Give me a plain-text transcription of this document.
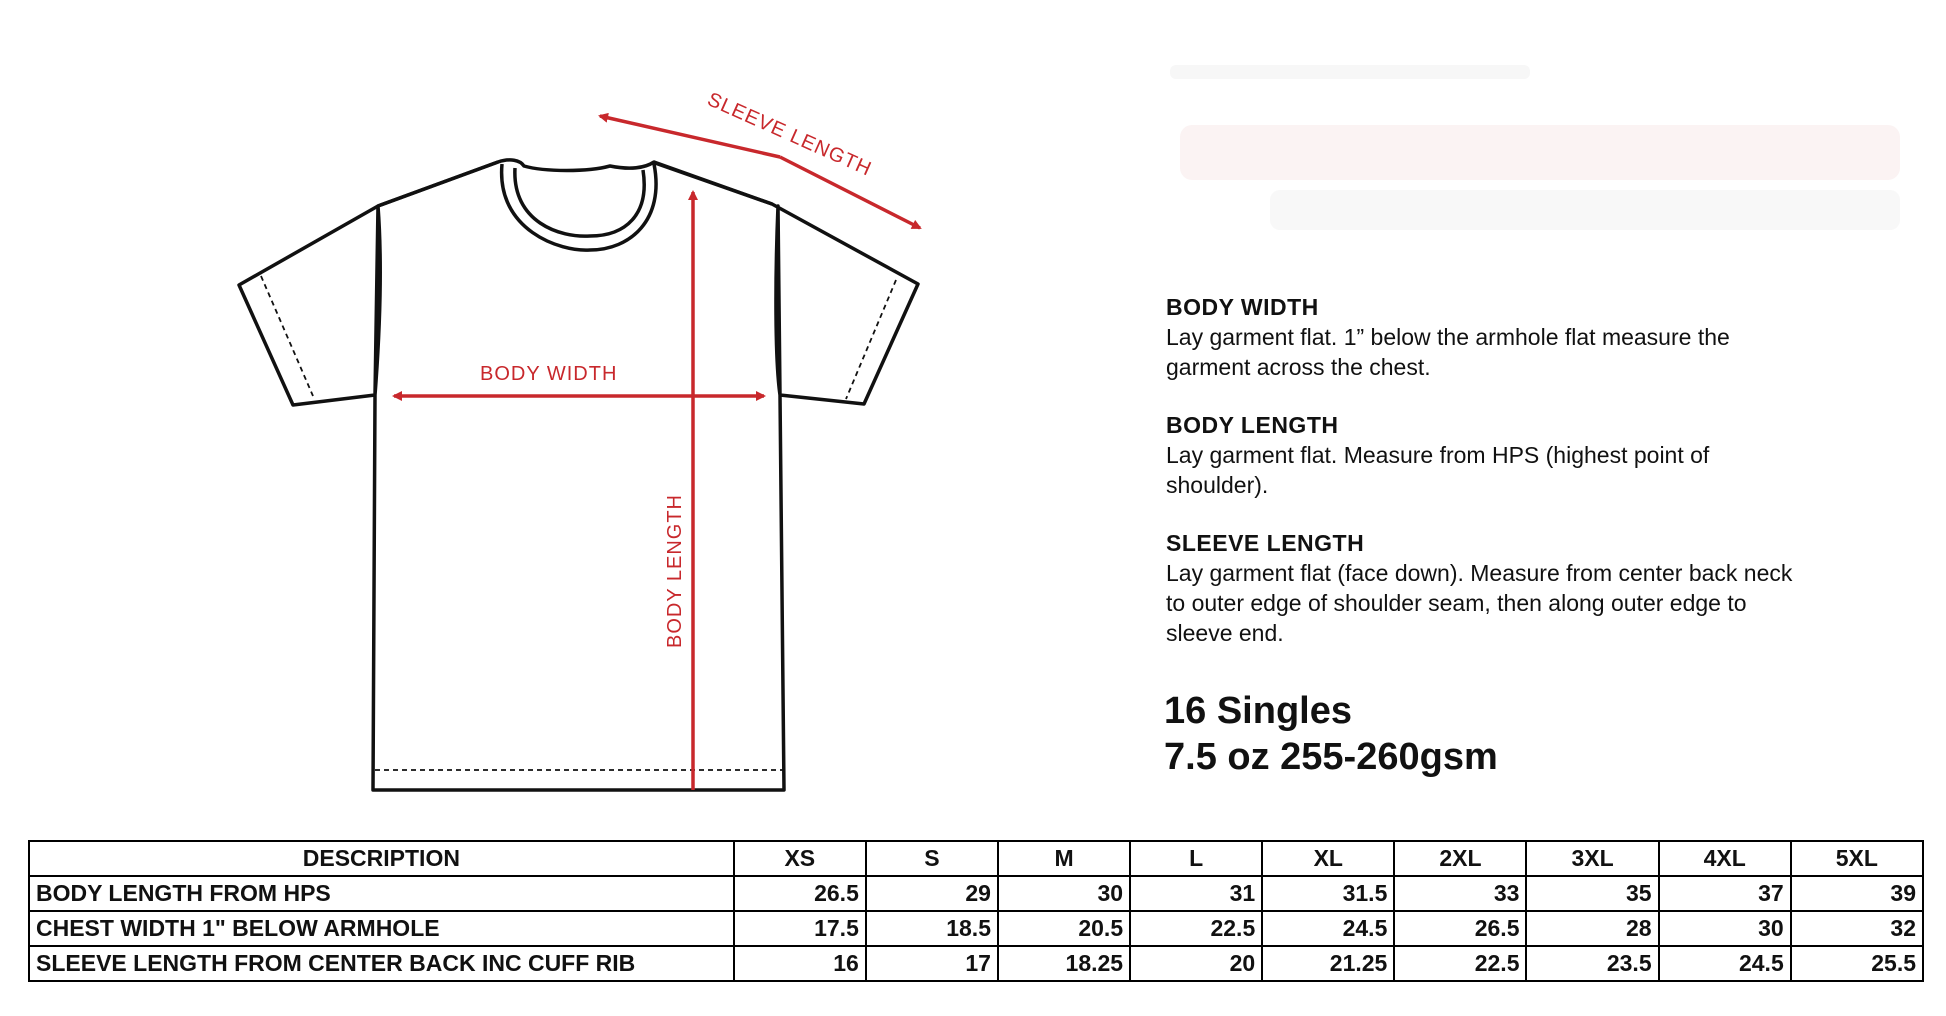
SLEEVE LENGTH
BODY WIDTH
BODY LENGTH
BODY WIDTH

Lay garment flat. 1” below the armhole flat measure the garment across the chest.

BODY LENGTH

Lay garment flat. Measure from HPS (highest point of shoulder).

SLEEVE LENGTH

Lay garment flat (face down). Measure from center back neck to outer edge of shoulder seam, then along outer edge to sleeve end.

16 Singles
7.5 oz 255-260gsm
DESCRIPTION	XS	S	M	L	XL	2XL	3XL	4XL	5XL
BODY LENGTH FROM HPS	26.5	29	30	31	31.5	33	35	37	39
CHEST WIDTH 1" BELOW ARMHOLE	17.5	18.5	20.5	22.5	24.5	26.5	28	30	32
SLEEVE LENGTH FROM CENTER BACK INC CUFF RIB	16	17	18.25	20	21.25	22.5	23.5	24.5	25.5
